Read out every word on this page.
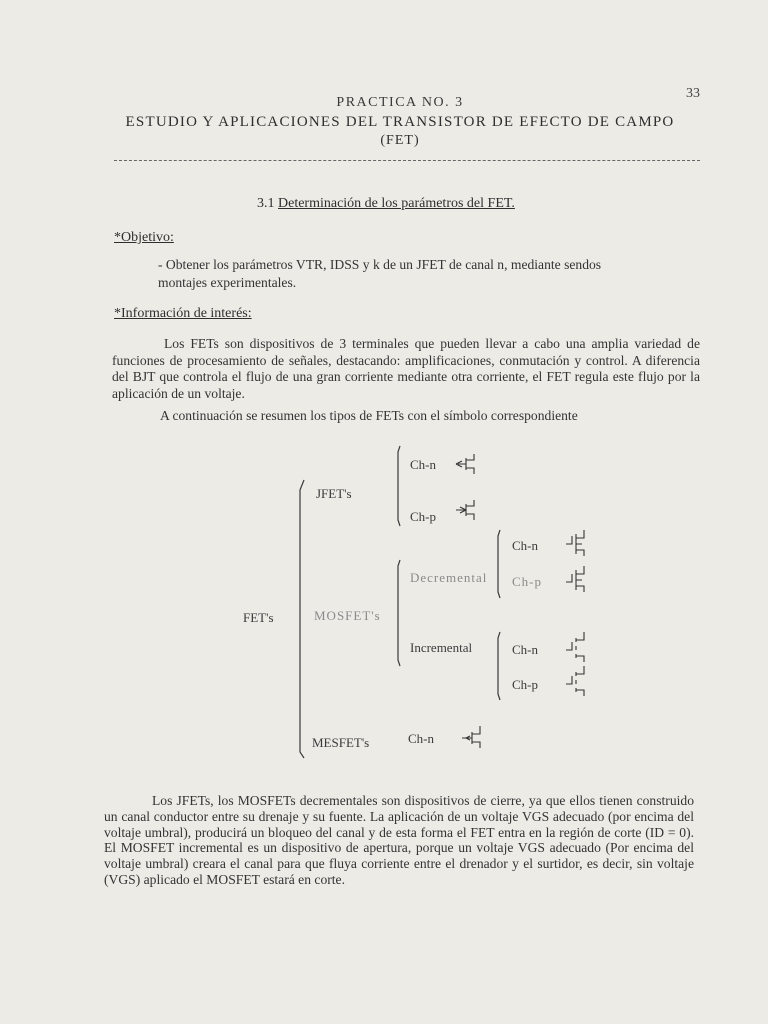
33
PRACTICA NO. 3
ESTUDIO Y APLICACIONES DEL TRANSISTOR DE EFECTO DE CAMPO
(FET)
3.1 Determinación de los parámetros del FET.
*Objetivo:
- Obtener los parámetros VTR, IDSS y k de un JFET de canal n, mediante sendos
montajes experimentales.
*Información de interés:
Los FETs son dispositivos de 3 terminales que pueden llevar a cabo una amplia variedad de funciones de procesamiento de señales, destacando: amplificaciones, conmutación y control. A diferencia del BJT que controla el flujo de una gran corriente mediante otra corriente, el FET regula este flujo por la aplicación de un voltaje.
A continuación se resumen los tipos de FETs con el símbolo correspondiente
FET's
JFET's
Ch-n
Ch-p
MOSFET's
Decremental
Ch-n
Ch-p
Incremental	Ch-n
Ch-p
MESFET's	Ch-n
Los JFETs, los MOSFETs decrementales son dispositivos de cierre, ya que ellos tienen construido un canal conductor entre su drenaje y su fuente. La aplicación de un voltaje VGS adecuado (por encima del voltaje umbral), producirá un bloqueo del canal y de esta forma el FET entra en la región de corte (ID = 0). El MOSFET incremental es un dispositivo de apertura, porque un voltaje VGS adecuado (Por encima del voltaje umbral) creara el canal para que fluya corriente entre el drenador y el surtidor, es decir, sin voltaje (VGS) aplicado el MOSFET estará en corte.
